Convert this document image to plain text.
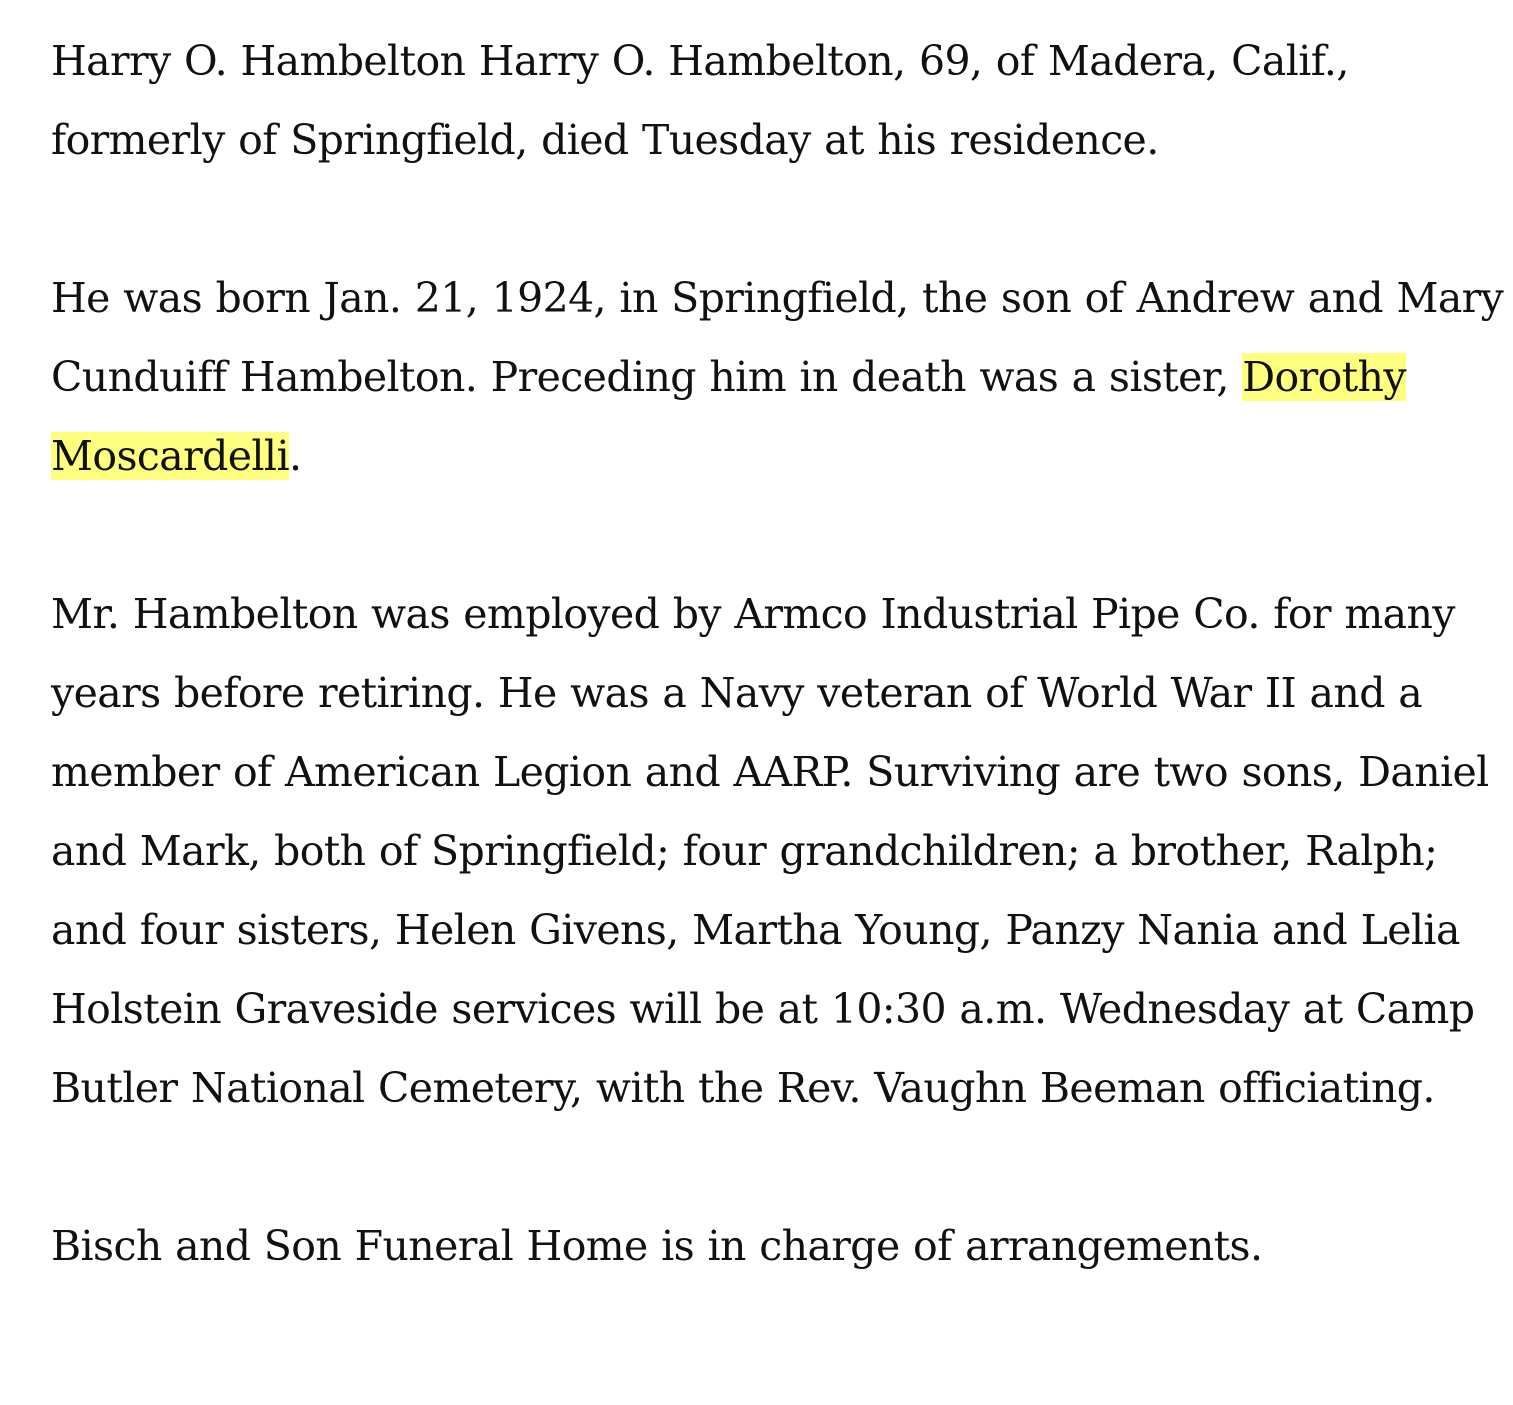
Harry O. Hambelton Harry O. Hambelton, 69, of Madera, Calif., formerly of Springfield, died Tuesday at his residence.

He was born Jan. 21, 1924, in Springfield, the son of Andrew and Mary Cunduiff Hambelton. Preceding him in death was a sister, Dorothy Moscardelli.

Mr. Hambelton was employed by Armco Industrial Pipe Co. for many years before retiring. He was a Navy veteran of World War II and a member of American Legion and AARP. Surviving are two sons, Daniel and Mark, both of Springfield; four grandchildren; a brother, Ralph; and four sisters, Helen Givens, Martha Young, Panzy Nania and Lelia Holstein Graveside services will be at 10:30 a.m. Wednesday at Camp Butler National Cemetery, with the Rev. Vaughn Beeman officiating.

Bisch and Son Funeral Home is in charge of arrangements.
